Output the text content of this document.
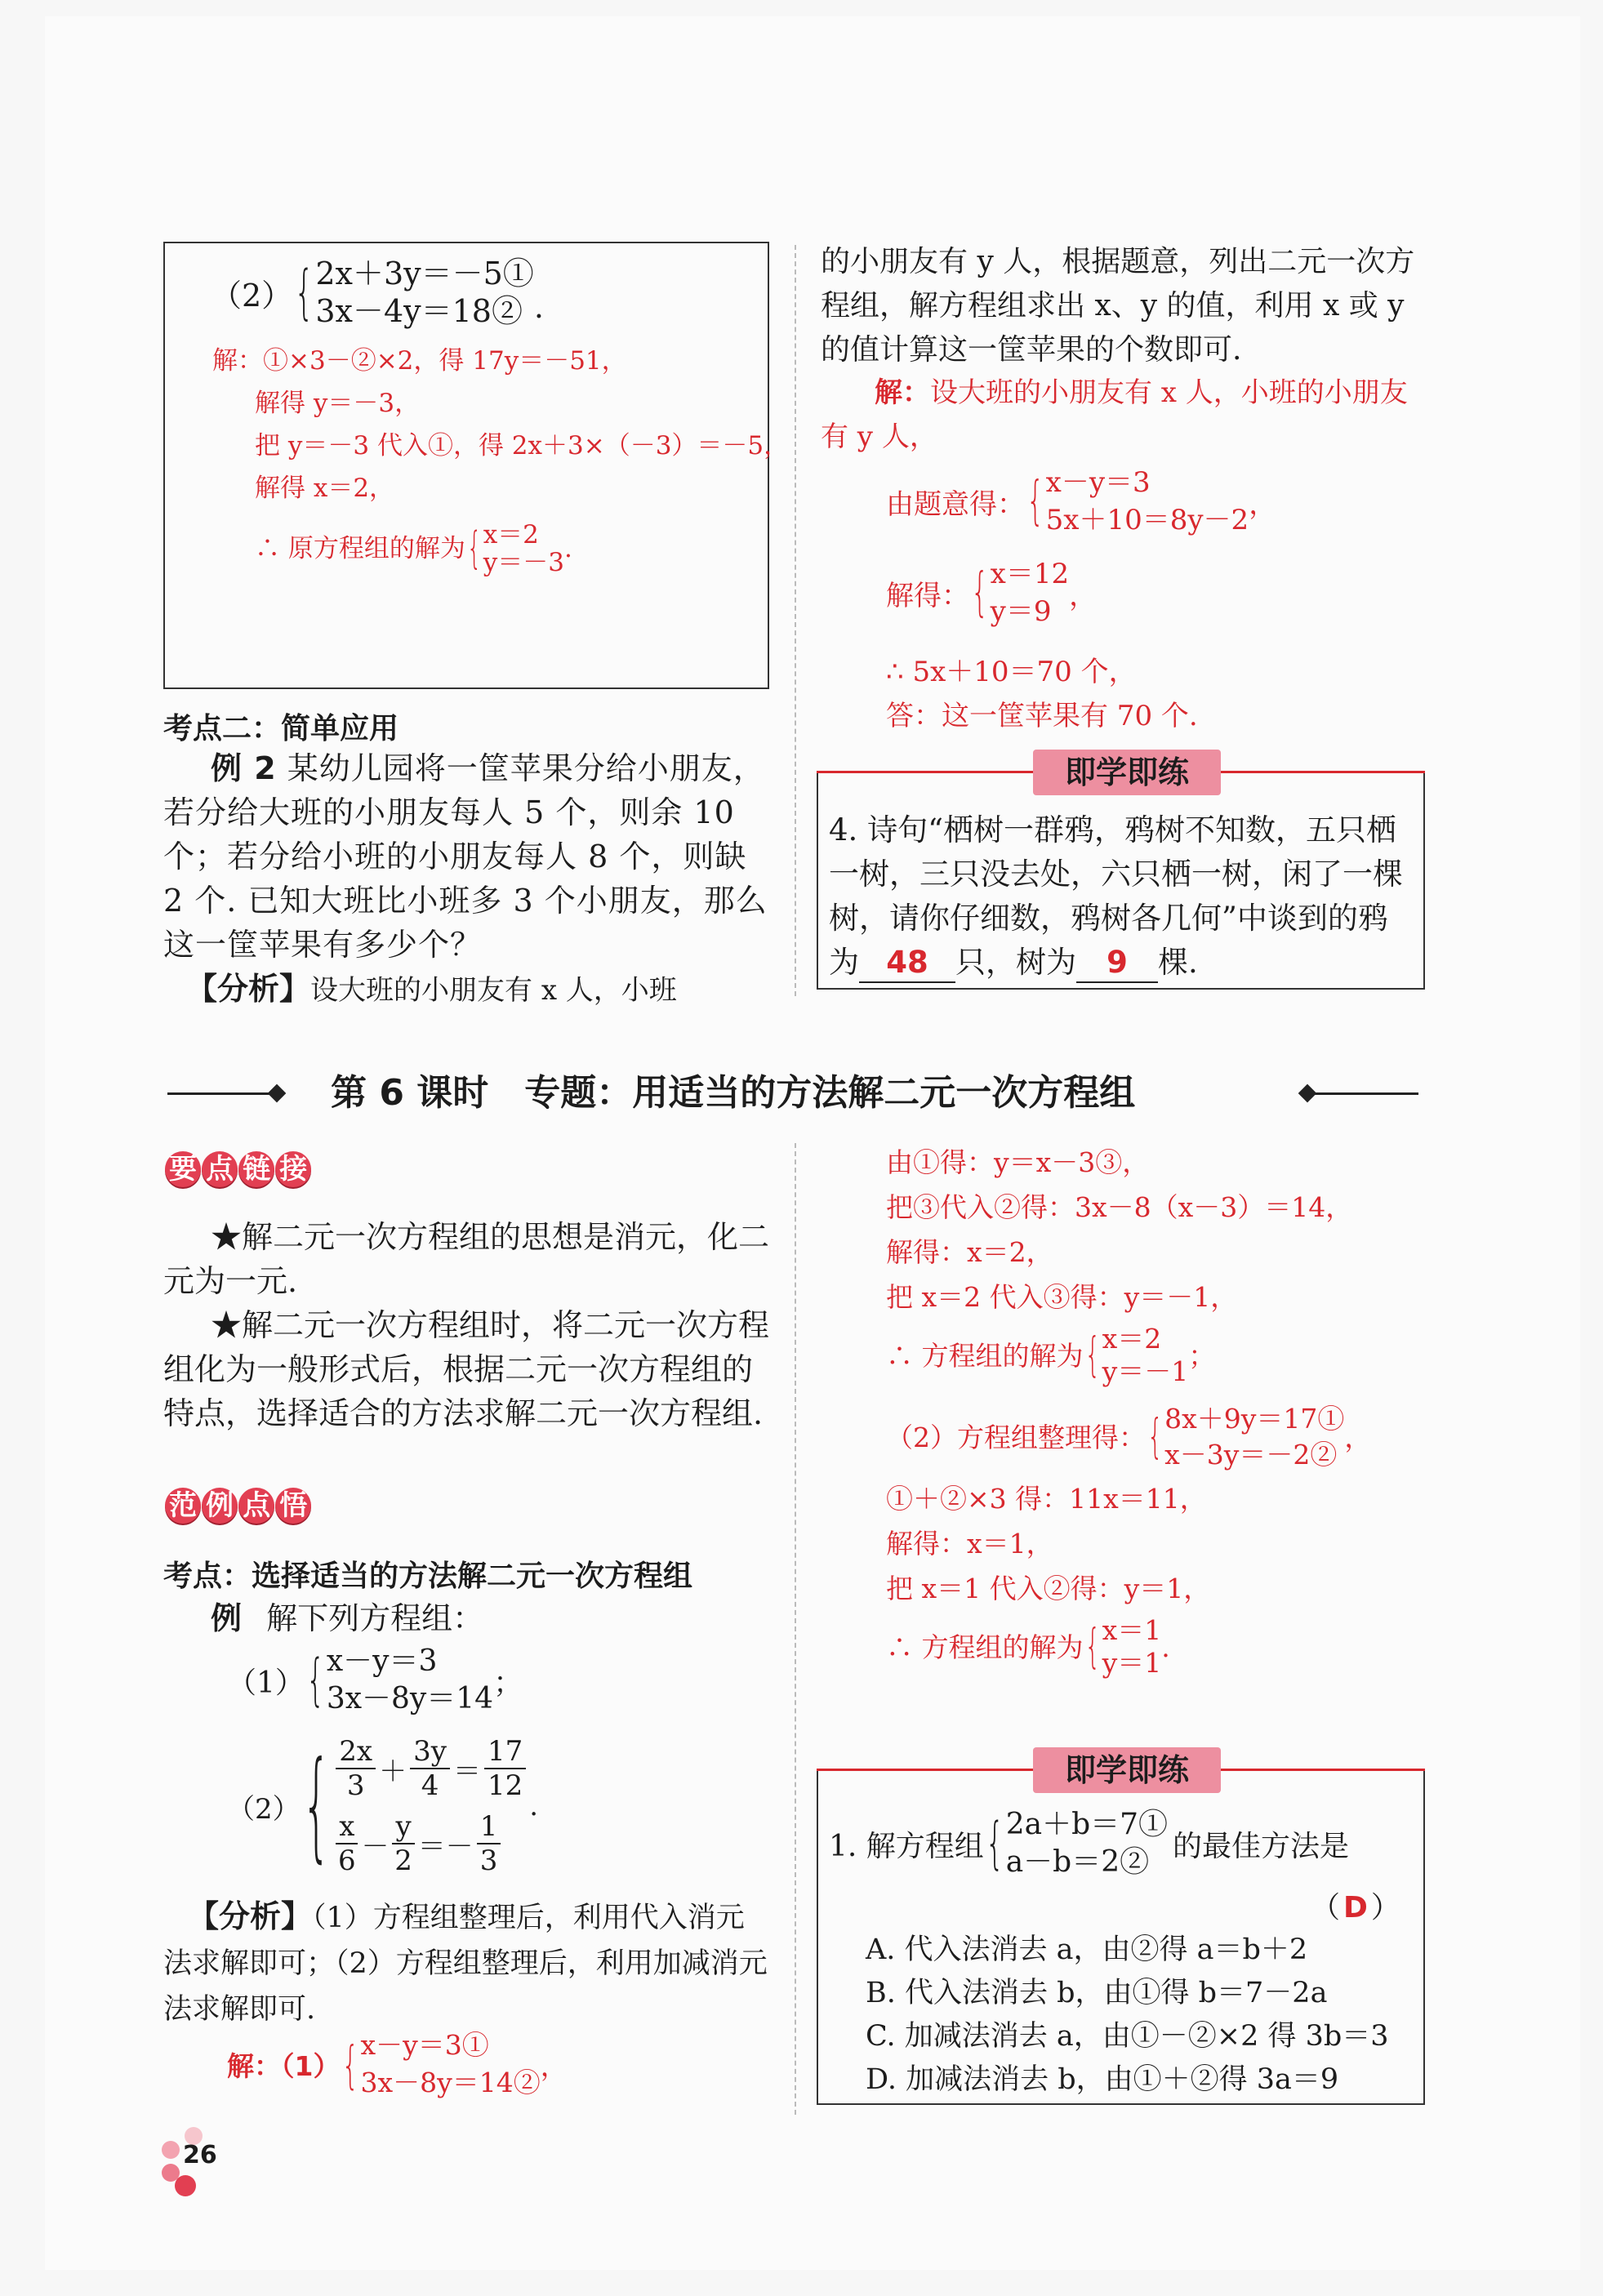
（2） { 2x＋3y＝－5①
3x－4y＝18② .
解：①×3－②×2，得 17y＝－51，
解得 y＝－3，
把 y＝－3 代入①，得 2x＋3×（－3）＝－5，
解得 x＝2，
∴ 原方程组的解为 { x＝2
y＝－3 .
考点二：简单应用
例 2 某幼儿园将一筐苹果分给小朋友，若分给大班的小朋友每人 5 个，则余 10 个；若分给小班的小朋友每人 8 个，则缺 2 个. 已知大班比小班多 3 个小朋友，那么这一筐苹果有多少个？
【分析】设大班的小朋友有 x 人，小班
的小朋友有 y 人，根据题意，列出二元一次方程组，解方程组求出 x、y 的值，利用 x 或 y 的值计算这一筐苹果的个数即可.
解：设大班的小朋友有 x 人，小班的小朋友有 y 人，
由题意得： { x－y＝3
5x＋10＝8y－2 ，
解得： { x＝12
y＝9 ，
∴ 5x＋10＝70 个，
答：这一筐苹果有 70 个.
即学即练
4. 诗句“栖树一群鸦，鸦树不知数，五只栖一树，三只没去处，六只栖一树，闲了一棵树，请你仔细数，鸦树各几何”中谈到的鸦为 48 只，树为 9 棵.
第 6 课时　专题：用适当的方法解二元一次方程组
要 点 链 接
★解二元一次方程组的思想是消元，化二元为一元.
★解二元一次方程组时，将二元一次方程组化为一般形式后，根据二元一次方程组的特点，选择适合的方法求解二元一次方程组.
范 例 点 悟
考点：选择适当的方法解二元一次方程组
例 解下列方程组：
（1） { x－y＝3
3x－8y＝14 ；
（2） { $\frac{2x}{3} + \frac{3y}{4} = \frac{17}{12}$
$\frac{x}{6} - \frac{y}{2} =- \frac{1}{3}$
.
【分析】（1）方程组整理后，利用代入消元法求解即可；（2）方程组整理后，利用加减消元法求解即可.
解：（1） { x－y＝3①
3x－8y＝14②
，
由①得：y＝x－3③，
把③代入②得：3x－8（x－3）＝14，
解得：x＝2，
把 x＝2 代入③得：y＝－1，
∴ 方程组的解为 { x＝2
y＝－1 ；
（2）方程组整理得： { 8x＋9y＝17①
x－3y＝－2②
，
①＋②×3 得：11x＝11，
解得：x＝1，
把 x＝1 代入②得：y＝1，
∴ 方程组的解为 { x＝1
y＝1 .
即学即练
1. 解方程组 { 2a＋b＝7①
a－b＝2② 的最佳方法是
（ D ）
A. 代入法消去 a，由②得 a＝b＋2
B. 代入法消去 b，由①得 b＝7－2a
C. 加减法消去 a，由①－②×2 得 3b＝3
D. 加减法消去 b，由①＋②得 3a＝9
26
